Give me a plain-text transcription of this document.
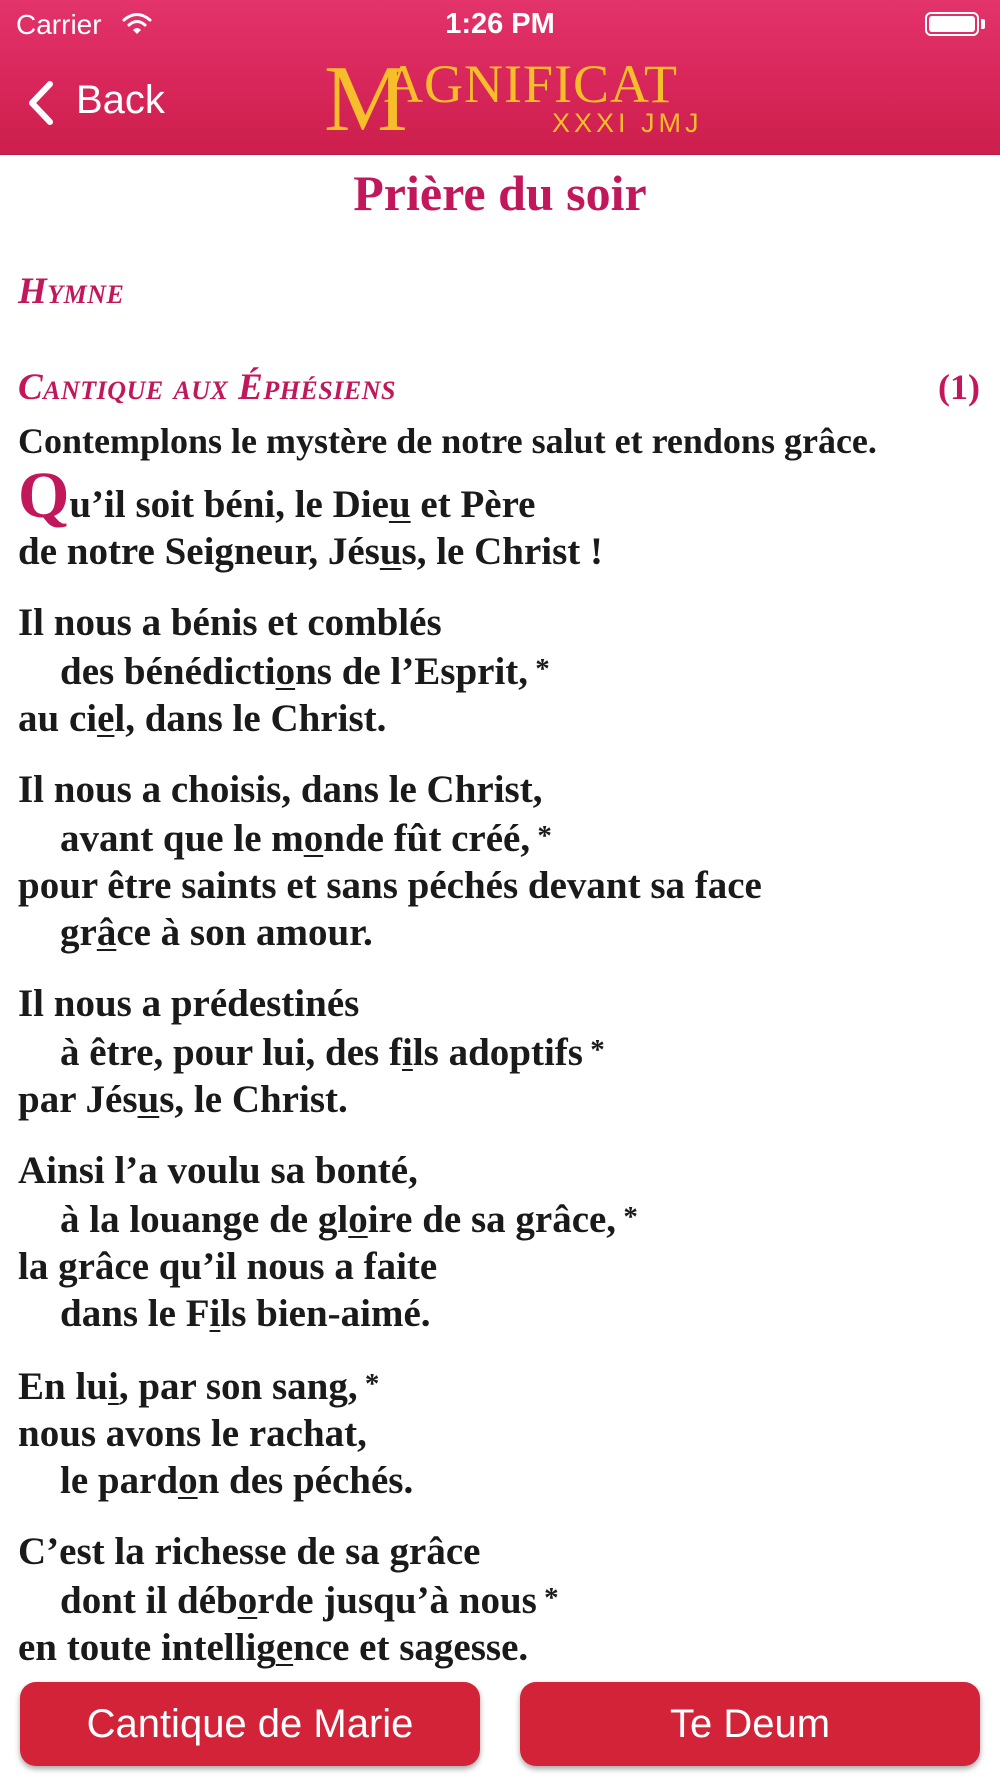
Carrier	1:26 PM
Back M
AGNIFICAT
XXXI JMJ
Prière du soir
Hymne
Cantique aux Éphésiens	(1)
Contemplons le mystère de notre salut et rendons grâce.
Qu’il soit béni, le Dieu et Père
de notre Seigneur, Jésus, le Christ !
Il nous a bénis et comblés
des bénédictions de l’Esprit, *
au ciel, dans le Christ.
Il nous a choisis, dans le Christ,
avant que le monde fût créé, *
pour être saints et sans péchés devant sa face
grâce à son amour.
Il nous a prédestinés
à être, pour lui, des fils adoptifs *
par Jésus, le Christ.
Ainsi l’a voulu sa bonté,
à la louange de gloire de sa grâce, *
la grâce qu’il nous a faite
dans le Fils bien-aimé.
En lui, par son sang, *
nous avons le rachat,
le pardon des péchés.
C’est la richesse de sa grâce
dont il déborde jusqu’à nous *
en toute intelligence et sagesse.
Cantique de Marie	Te Deum
